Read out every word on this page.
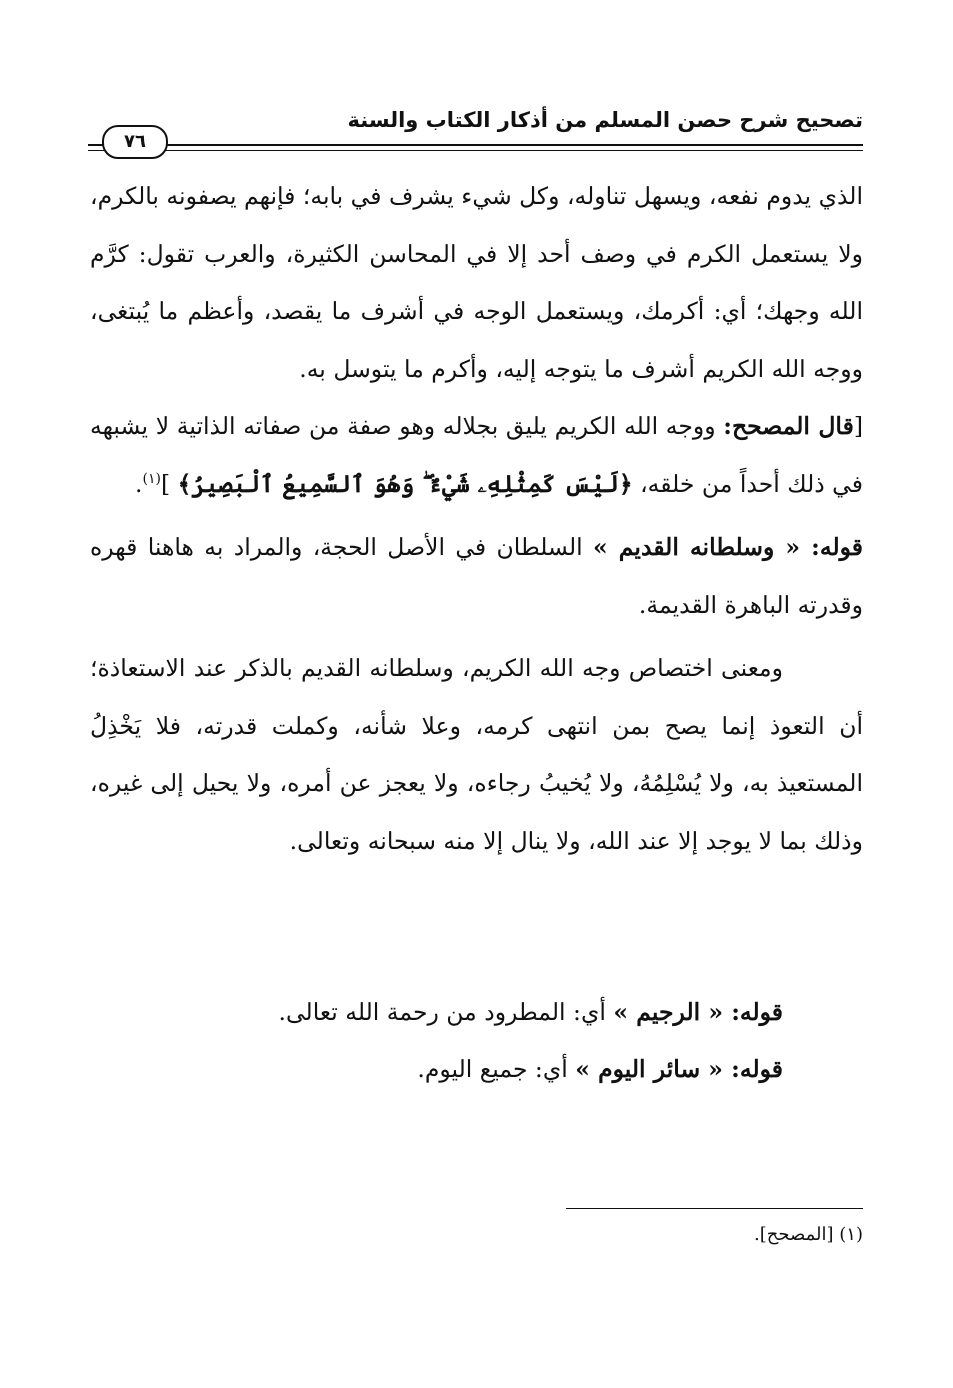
تصحيح شرح حصن المسلم من أذكار الكتاب والسنة
٧٦

الذي يدوم نفعه، ويسهل تناوله، وكل شيء يشرف في بابه؛ فإنهم يصفونه بالكرم، ولا يستعمل الكرم في وصف أحد إلا في المحاسن الكثيرة، والعرب تقول: كرَّم الله وجهك؛ أي: أكرمك، ويستعمل الوجه في أشرف ما يقصد، وأعظم ما يُبتغى، ووجه الله الكريم أشرف ما يتوجه إليه، وأكرم ما يتوسل به.

[قال المصحح: ووجه الله الكريم يليق بجلاله وهو صفة من صفاته الذاتية لا يشبهه في ذلك أحداً من خلقه، ﴿لَيْسَ كَمِثْلِهِۦ شَيْءٌ ۖ وَهُوَ ٱلسَّمِيعُ ٱلْبَصِيرُ﴾ ]$^{(١)}$.

قوله: « وسلطانه القديم » السلطان في الأصل الحجة، والمراد به هاهنا قهره وقدرته الباهرة القديمة.

ومعنى اختصاص وجه الله الكريم، وسلطانه القديم بالذكر عند الاستعاذة؛ أن التعوذ إنما يصح بمن انتهى كرمه، وعلا شأنه، وكملت قدرته، فلا يَخْذِلُ المستعيذ به، ولا يُسْلِمُهُ، ولا يُخيبُ رجاءه، ولا يعجز عن أمره، ولا يحيل إلى غيره، وذلك بما لا يوجد إلا عند الله، ولا ينال إلا منه سبحانه وتعالى.

قوله: « الرجيم » أي: المطرود من رحمة الله تعالى.
قوله: « سائر اليوم » أي: جميع اليوم.
(١) [المصحح].
